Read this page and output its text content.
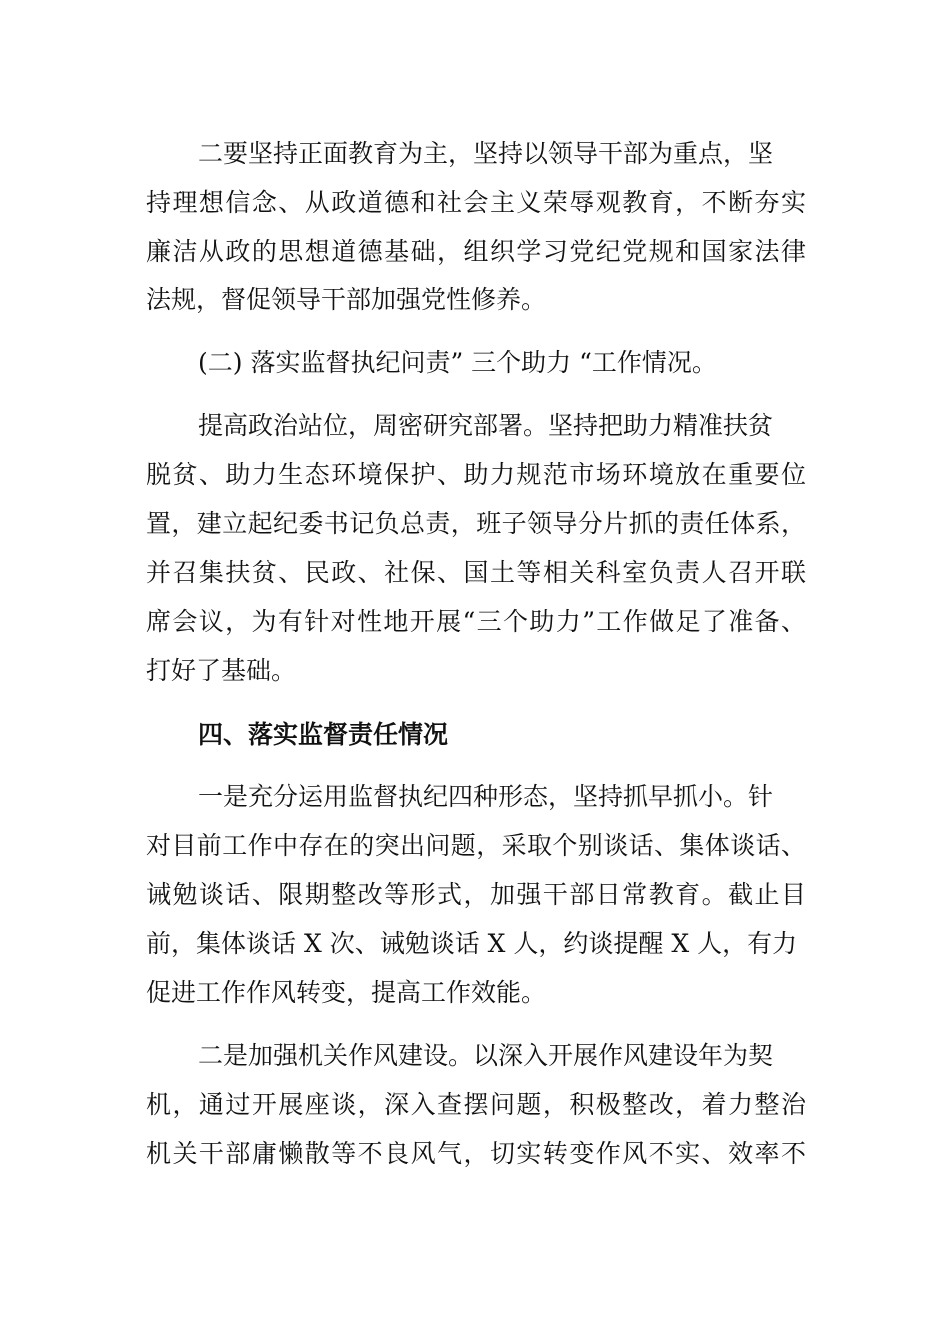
二要坚持正面教育为主，坚持以领导干部为重点，坚
持理想信念、从政道德和社会主义荣辱观教育，不断夯实
廉洁从政的思想道德基础，组织学习党纪党规和国家法律
法规，督促领导干部加强党性修养。
(二) 落实监督执纪问责” 三个助力 “工作情况。
提高政治站位，周密研究部署。坚持把助力精准扶贫
脱贫、助力生态环境保护、助力规范市场环境放在重要位
置，建立起纪委书记负总责，班子领导分片抓的责任体系，
并召集扶贫、民政、社保、国土等相关科室负责人召开联
席会议，为有针对性地开展“三个助力”工作做足了准备、
打好了基础。
四、落实监督责任情况
一是充分运用监督执纪四种形态，坚持抓早抓小。针
对目前工作中存在的突出问题，采取个别谈话、集体谈话、
诫勉谈话、限期整改等形式，加强干部日常教育。截止目
前，集体谈话 X 次、诫勉谈话 X 人，约谈提醒 X 人，有力
促进工作作风转变，提高工作效能。
二是加强机关作风建设。以深入开展作风建设年为契
机，通过开展座谈，深入查摆问题，积极整改，着力整治
机关干部庸懒散等不良风气，切实转变作风不实、效率不
